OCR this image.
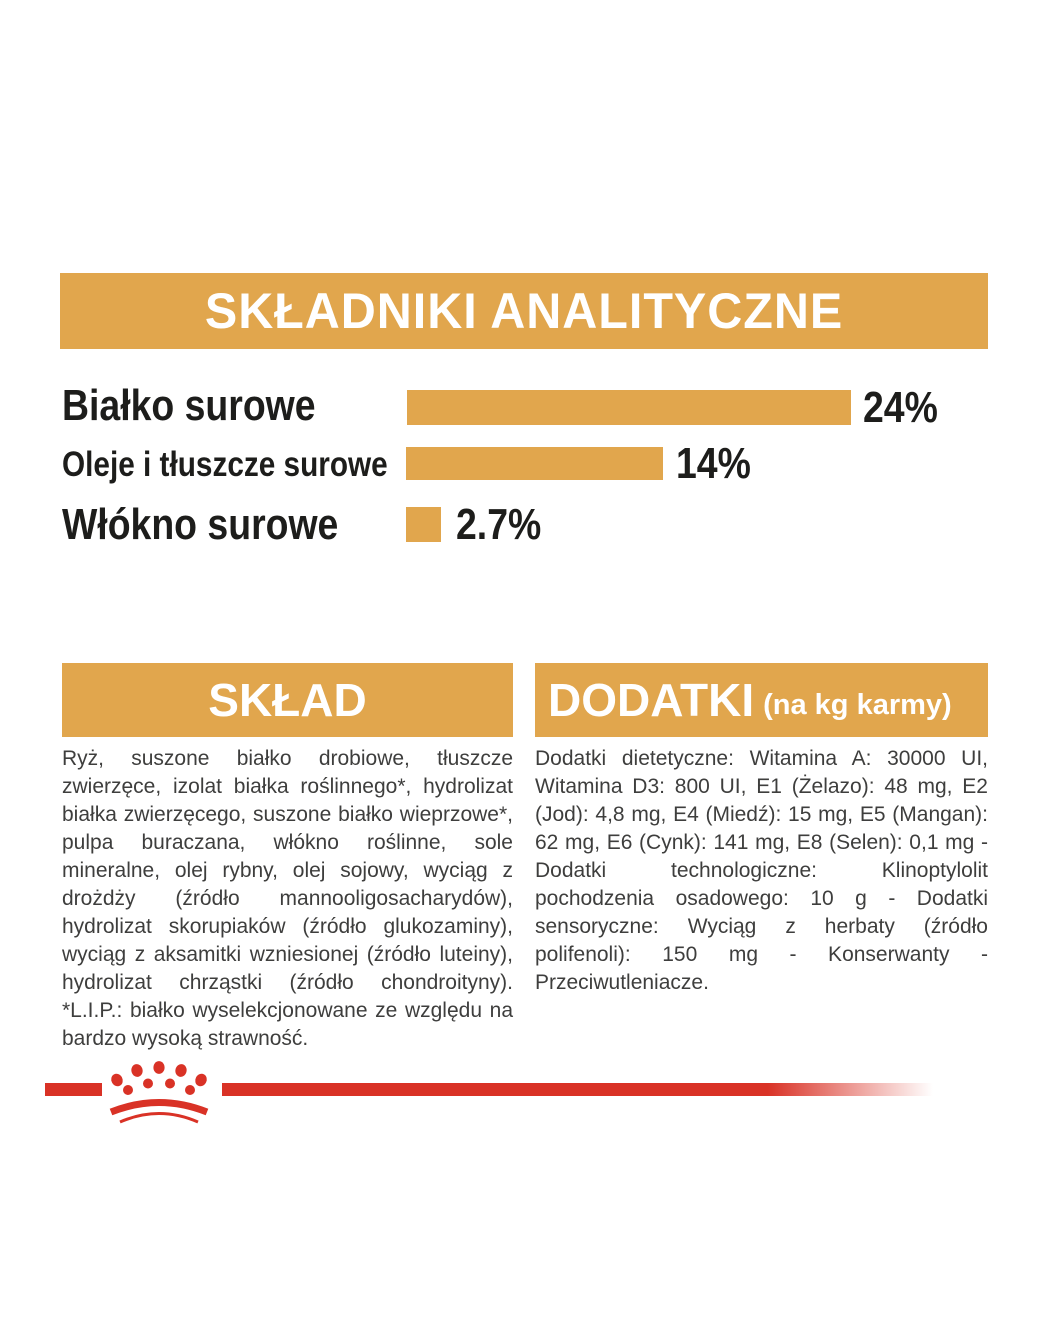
SKŁADNIKI ANALITYCZNE
Białko surowe	24%
Oleje i tłuszcze surowe	14%
Włókno surowe	2.7%
SKŁAD

Ryż, suszone białko drobiowe, tłuszcze zwierzęce, izolat białka roślinnego*, hydrolizat białka zwierzęcego, suszone białko wieprzowe*, pulpa buraczana, włókno roślinne, sole mineralne, olej rybny, olej sojowy, wyciąg z drożdży (źródło mannooligosacharydów), hydrolizat skorupiaków (źródło glukozaminy), wyciąg z aksamitki wzniesionej (źródło luteiny), hydrolizat chrząstki (źródło chondroityny). *L.I.P.: białko wyselekcjonowane ze względu na bardzo wysoką strawność.

DODATKI (na kg karmy)

Dodatki dietetyczne: Witamina A: 30000 UI, Witamina D3: 800 UI, E1 (Żelazo): 48 mg, E2 (Jod): 4,8 mg, E4 (Miedź): 15 mg, E5 (Mangan): 62 mg, E6 (Cynk): 141 mg, E8 (Selen): 0,1 mg - Dodatki technologiczne: Klinoptylolit pochodzenia osadowego: 10 g - Dodatki sensoryczne: Wyciąg z herbaty (źródło polifenoli): 150 mg - Konserwanty - Przeciwutleniacze.
